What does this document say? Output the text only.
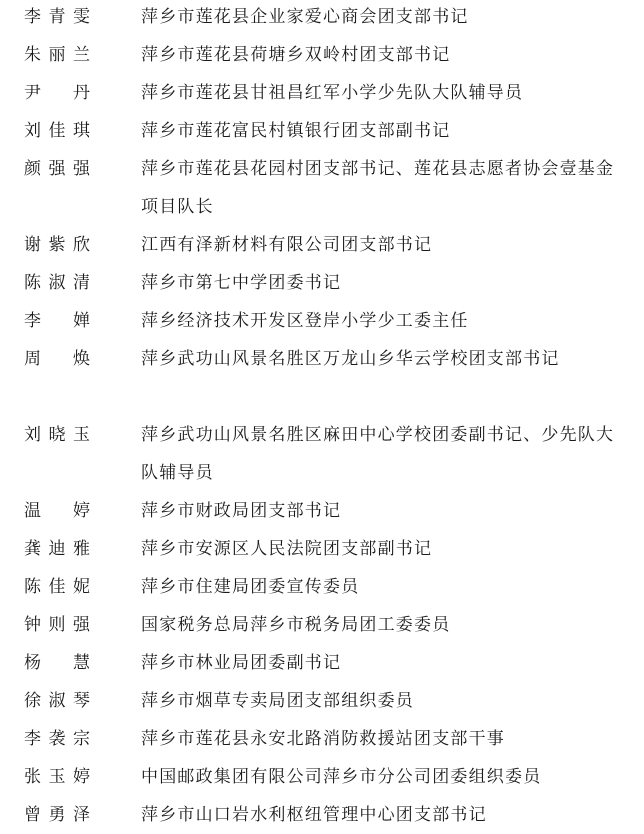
李 青 雯	萍乡市莲花县企业家爱心商会团支部书记
朱 丽 兰	萍乡市莲花县荷塘乡双岭村团支部书记
尹 丹	萍乡市莲花县甘祖昌红军小学少先队大队辅导员
刘 佳 琪	萍乡市莲花富民村镇银行团支部副书记
颜 强 强	萍乡市莲花县花园村团支部书记、莲花县志愿者协会壹基金项目队长
谢 紫 欣	江西有泽新材料有限公司团支部书记
陈 淑 清	萍乡市第七中学团委书记
李 婵	萍乡经济技术开发区登岸小学少工委主任
周 焕	萍乡武功山风景名胜区万龙山乡华云学校团支部书记
刘 晓 玉	萍乡武功山风景名胜区麻田中心学校团委副书记、少先队大队辅导员
温 婷	萍乡市财政局团支部书记
龚 迪 雅	萍乡市安源区人民法院团支部副书记
陈 佳 妮	萍乡市住建局团委宣传委员
钟 则 强	国家税务总局萍乡市税务局团工委委员
杨 慧	萍乡市林业局团委副书记
徐 淑 琴	萍乡市烟草专卖局团支部组织委员
李 袭 宗	萍乡市莲花县永安北路消防救援站团支部干事
张 玉 婷	中国邮政集团有限公司萍乡市分公司团委组织委员
曾 勇 泽	萍乡市山口岩水利枢纽管理中心团支部书记
